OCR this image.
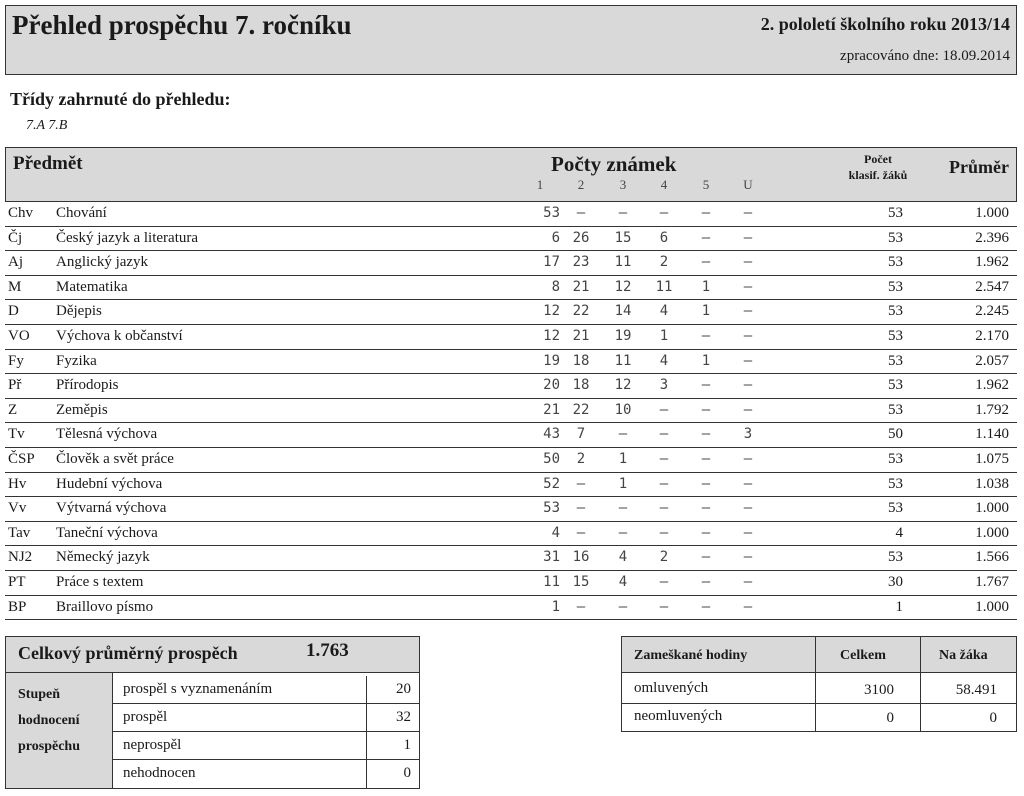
Přehled prospěchu 7. ročníku	2. pololetí školního roku 2013/14
zpracováno dne: 18.09.2014
Třídy zahrnuté do přehledu:
7.A 7.B
Předmět	Počty známek
1	2	3	4	5	U
Počet
klasif. žáků	Průměr
Chv Chování	53	–	–	–	–	–	53	1.000
Čj Český jazyk a literatura	6 26	15	6	–	–	53	2.396
Aj Anglický jazyk	17 23	11	2	–	–	53	1.962
M Matematika	8 21	12	11	1	–	53	2.547
D Dějepis	12 22	14	4	1	–	53	2.245
VO Výchova k občanství	12 21	19	1	–	–	53	2.170
Fy Fyzika	19 18	11	4	1	–	53	2.057
Př Přírodopis	20 18	12	3	–	–	53	1.962
Z	Zeměpis	21 22	10	–	–	–	53	1.792
Tv Tělesná výchova	43	7	–	–	–	3	50	1.140
ČSP Člověk a svět práce	50	2	1	–	–	–	53	1.075
Hv Hudební výchova	52	–	1	–	–	–	53	1.038
Vv Výtvarná výchova	53	–	–	–	–	–	53	1.000
Tav Taneční výchova	4	–	–	–	–	–	4	1.000
NJ2 Německý jazyk	31 16	4	2	–	–	53	1.566
PT Práce s textem	11 15	4	–	–	–	30	1.767
BP Braillovo písmo	1	–	–	–	–	–	1	1.000
Celkový průměrný prospěch	1.763
Stupeň
hodnocení
prospěchu
prospěl s vyznamenáním	20
prospěl	32
neprospěl	1
nehodnocen	0
Zameškané hodiny	Celkem	Na žáka
omluvených	3100	58.491
neomluvených	0	0
